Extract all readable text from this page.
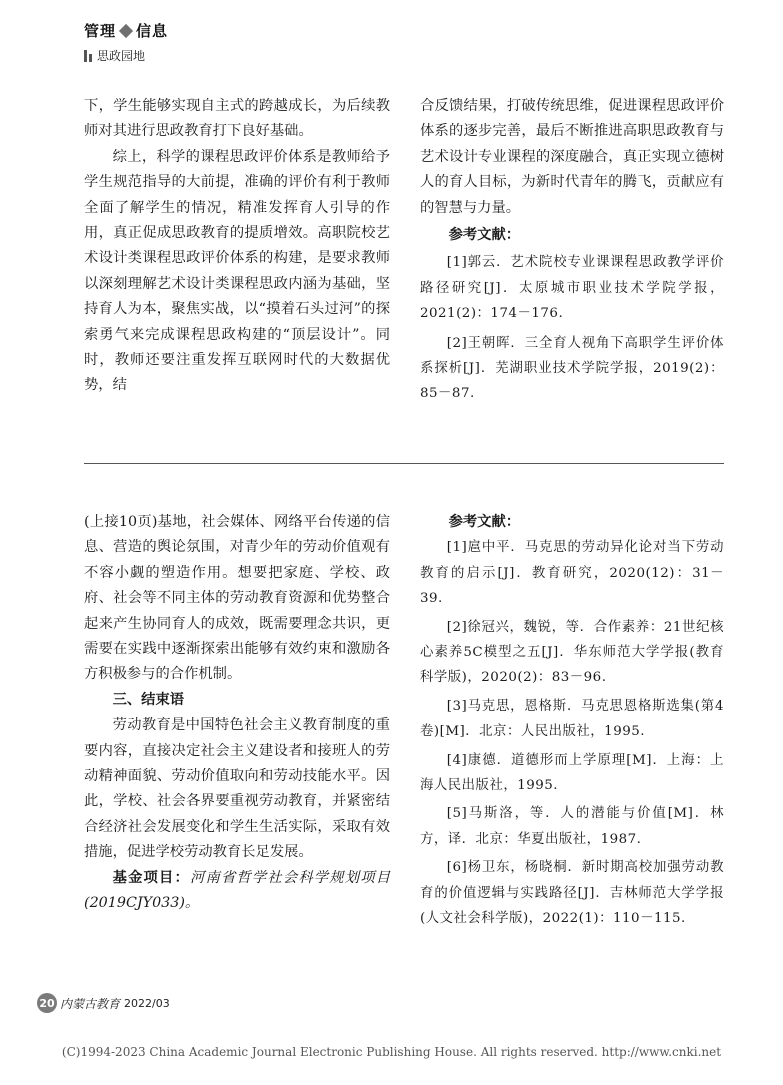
管理 信息
思政园地

下，学生能够实现自主式的跨越成长，为后续教师对其进行思政教育打下良好基础。

综上，科学的课程思政评价体系是教师给予学生规范指导的大前提，准确的评价有利于教师全面了解学生的情况，精准发挥育人引导的作用，真正促成思政教育的提质增效。高职院校艺术设计类课程思政评价体系的构建，是要求教师以深刻理解艺术设计类课程思政内涵为基础，坚持育人为本，聚焦实战，以“摸着石头过河”的探索勇气来完成课程思政构建的“顶层设计”。同时，教师还要注重发挥互联网时代的大数据优势，结

合反馈结果，打破传统思维，促进课程思政评价体系的逐步完善，最后不断推进高职思政教育与艺术设计专业课程的深度融合，真正实现立德树人的育人目标，为新时代青年的腾飞，贡献应有的智慧与力量。

参考文献：

[1]郭云．艺术院校专业课课程思政教学评价路径研究[J]．太原城市职业技术学院学报，2021(2)：174－176.

[2]王朝晖．三全育人视角下高职学生评价体系探析[J]．芜湖职业技术学院学报，2019(2)：85－87.

(上接10页)基地，社会媒体、网络平台传递的信息、营造的舆论氛围，对青少年的劳动价值观有不容小觑的塑造作用。想要把家庭、学校、政府、社会等不同主体的劳动教育资源和优势整合起来产生协同育人的成效，既需要理念共识，更需要在实践中逐渐探索出能够有效约束和激励各方积极参与的合作机制。

三、结束语

劳动教育是中国特色社会主义教育制度的重要内容，直接决定社会主义建设者和接班人的劳动精神面貌、劳动价值取向和劳动技能水平。因此，学校、社会各界要重视劳动教育，并紧密结合经济社会发展变化和学生生活实际，采取有效措施，促进学校劳动教育长足发展。

基金项目：河南省哲学社会科学规划项目(2019CJY033)。

参考文献：

[1]扈中平．马克思的劳动异化论对当下劳动教育的启示[J]．教育研究，2020(12)：31－39.

[2]徐冠兴，魏锐，等．合作素养：21世纪核心素养5C模型之五[J]．华东师范大学学报(教育科学版)，2020(2)：83－96.

[3]马克思，恩格斯．马克思恩格斯选集(第4卷)[M]．北京：人民出版社，1995.

[4]康德．道德形而上学原理[M]．上海：上海人民出版社，1995.

[5]马斯洛，等．人的潜能与价值[M]．林方，译．北京：华夏出版社，1987.

[6]杨卫东，杨晓桐．新时期高校加强劳动教育的价值逻辑与实践路径[J]．吉林师范大学学报(人文社会科学版)，2022(1)：110－115.

20 内蒙古教育 2022/03
(C)1994-2023 China Academic Journal Electronic Publishing House. All rights reserved. http://www.cnki.net
